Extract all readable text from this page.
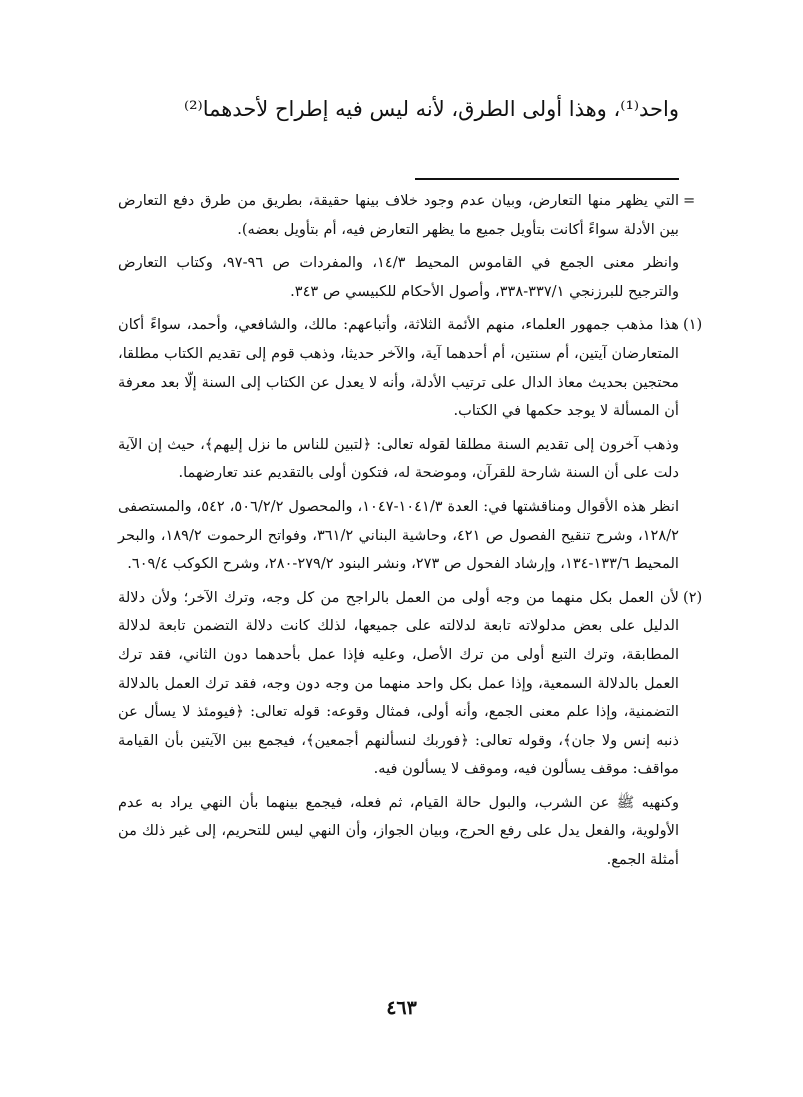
واحد⁽¹⁾، وهذا أولى الطرق، لأنه ليس فيه إطراح لأحدهما⁽²⁾
=

التي يظهر منها التعارض، وبيان عدم وجود خلاف بينها حقيقة، بطريق من طرق دفع التعارض بين الأدلة سواءً أكانت بتأويل جميع ما يظهر التعارض فيه، أم بتأويل بعضه).

وانظر معنى الجمع في القاموس المحيط ١٤/٣، والمفردات ص ٩٦-٩٧، وكتاب التعارض والترجيح للبرزنجي ٣٣٧/١-٣٣٨، وأصول الأحكام للكبيسي ص ٣٤٣.

(١)

هذا مذهب جمهور العلماء، منهم الأئمة الثلاثة، وأتباعهم: مالك، والشافعي، وأحمد، سواءً أكان المتعارضان آيتين، أم سنتين، أم أحدهما آية، والآخر حديثا، وذهب قوم إلى تقديم الكتاب مطلقا، محتجين بحديث معاذ الدال على ترتيب الأدلة، وأنه لا يعدل عن الكتاب إلى السنة إلّا بعد معرفة أن المسألة لا يوجد حكمها في الكتاب.

وذهب آخرون إلى تقديم السنة مطلقا لقوله تعالى: ﴿لتبين للناس ما نزل إليهم﴾، حيث إن الآية دلت على أن السنة شارحة للقرآن، وموضحة له، فتكون أولى بالتقديم عند تعارضهما.

انظر هذه الأقوال ومناقشتها في: العدة ١٠٤١/٣-١٠٤٧، والمحصول ٥٠٦/٢/٢، ٥٤٢، والمستصفى ١٢٨/٢، وشرح تنقيح الفصول ص ٤٢١، وحاشية البناني ٣٦١/٢، وفواتح الرحموت ١٨٩/٢، والبحر المحيط ١٣٣/٦-١٣٤، وإرشاد الفحول ص ٢٧٣، ونشر البنود ٢٧٩/٢-٢٨٠، وشرح الكوكب ٦٠٩/٤.

(٢)

لأن العمل بكل منهما من وجه أولى من العمل بالراجح من كل وجه، وترك الآخر؛ ولأن دلالة الدليل على بعض مدلولاته تابعة لدلالته على جميعها، لذلك كانت دلالة التضمن تابعة لدلالة المطابقة، وترك التبع أولى من ترك الأصل، وعليه فإذا عمل بأحدهما دون الثاني، فقد ترك العمل بالدلالة السمعية، وإذا عمل بكل واحد منهما من وجه دون وجه، فقد ترك العمل بالدلالة التضمنية، وإذا علم معنى الجمع، وأنه أولى، فمثال وقوعه: قوله تعالى: ﴿فيومئذ لا يسأل عن ذنبه إنس ولا جان﴾، وقوله تعالى: ﴿فوربك لنسألنهم أجمعين﴾، فيجمع بين الآيتين بأن القيامة مواقف: موقف يسألون فيه، وموقف لا يسألون فيه.

وكنهيه ﷺ عن الشرب، والبول حالة القيام، ثم فعله، فيجمع بينهما بأن النهي يراد به عدم الأولوية، والفعل يدل على رفع الحرج، وبيان الجواز، وأن النهي ليس للتحريم، إلى غير ذلك من أمثلة الجمع.

٤٦٣
